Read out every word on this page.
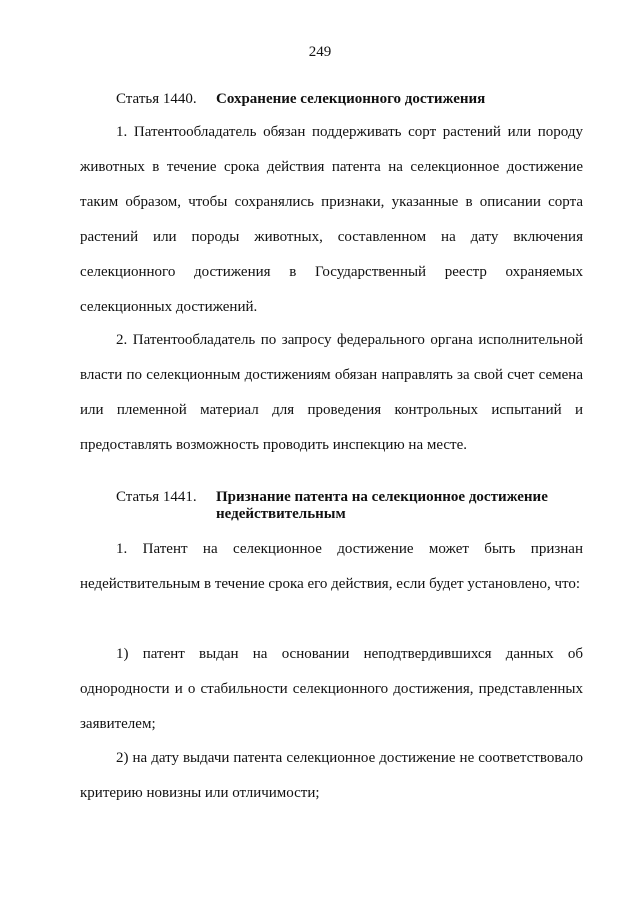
249
Статья 1440.	Сохранение селекционного достижения

1. Патентообладатель обязан поддерживать сорт растений или породу животных в течение срока действия патента на селекционное достижение таким образом, чтобы сохранялись признаки, указанные в описании сорта растений или породы животных, составленном на дату включения селекционного достижения в Государственный реестр охраняемых селекционных достижений.

2. Патентообладатель по запросу федерального органа исполнительной власти по селекционным достижениям обязан направлять за свой счет семена или племенной материал для проведения контрольных испытаний и предоставлять возможность проводить инспекцию на месте.

Статья 1441.	Признание патента на селекционное достижение недействительным

1. Патент на селекционное достижение может быть признан недействительным в течение срока его действия, если будет установлено, что:

1) патент выдан на основании неподтвердившихся данных об однородности и о стабильности селекционного достижения, представленных заявителем;

2) на дату выдачи патента селекционное достижение не соответствовало критерию новизны или отличимости;
